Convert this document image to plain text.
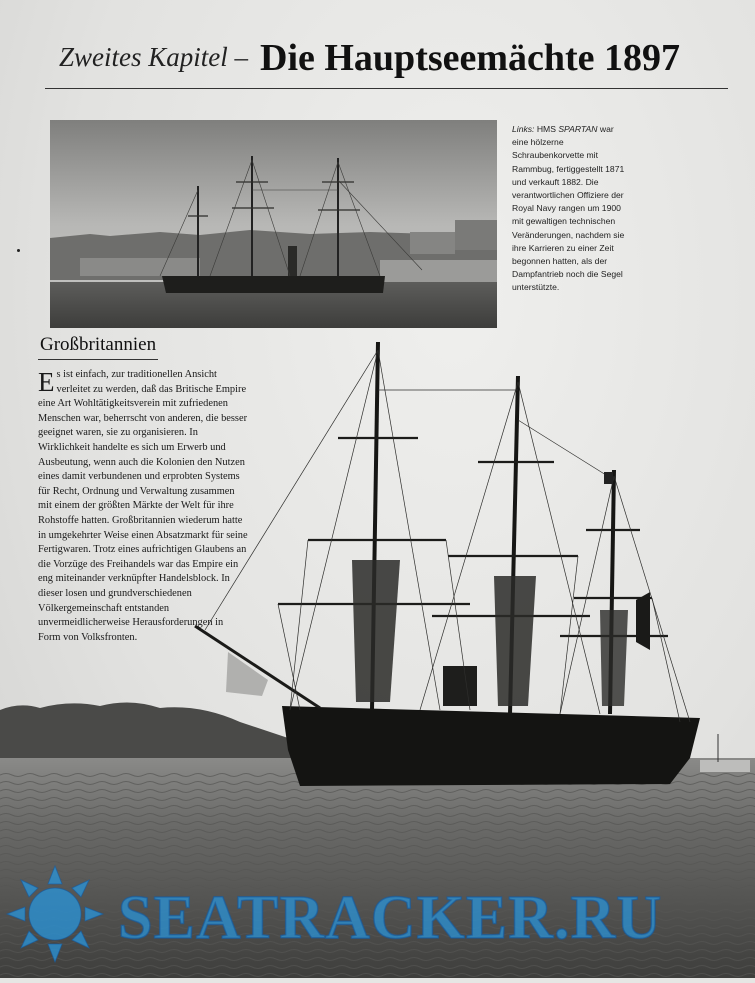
Zweites Kapitel – Die Hauptseemächte 1897
Links: HMS SPARTAN war eine hölzerne Schraubenkorvette mit Rammbug, fertiggestellt 1871 und verkauft 1882. Die verantwortlichen Offiziere der Royal Navy rangen um 1900 mit gewaltigen technischen Veränderungen, nachdem sie ihre Karrieren zu einer Zeit begonnen hatten, als der Dampfantrieb noch die Segel unterstützte.
Großbritannien
Es ist einfach, zur traditionellen Ansicht verleitet zu werden, daß das Britische Empire eine Art Wohltätigkeitsverein mit zufriedenen Menschen war, beherrscht von anderen, die besser geeignet waren, sie zu organisieren. In Wirklichkeit handelte es sich um Erwerb und Ausbeutung, wenn auch die Kolonien den Nutzen eines damit verbundenen und erprobten Systems für Recht, Ordnung und Verwaltung zusammen mit einem der größten Märkte der Welt für ihre Rohstoffe hatten. Großbritannien wiederum hatte in umgekehrter Weise einen Absatzmarkt für seine Fertigwaren. Trotz eines aufrichtigen Glaubens an die Vorzüge des Freihandels war das Empire ein eng miteinander verknüpfter Handelsblock. In dieser losen und grundverschiedenen Völkergemeinschaft entstanden unvermeidlicherweise Herausforderungen in Form von Volksfronten.
SEATRACKER.RU
